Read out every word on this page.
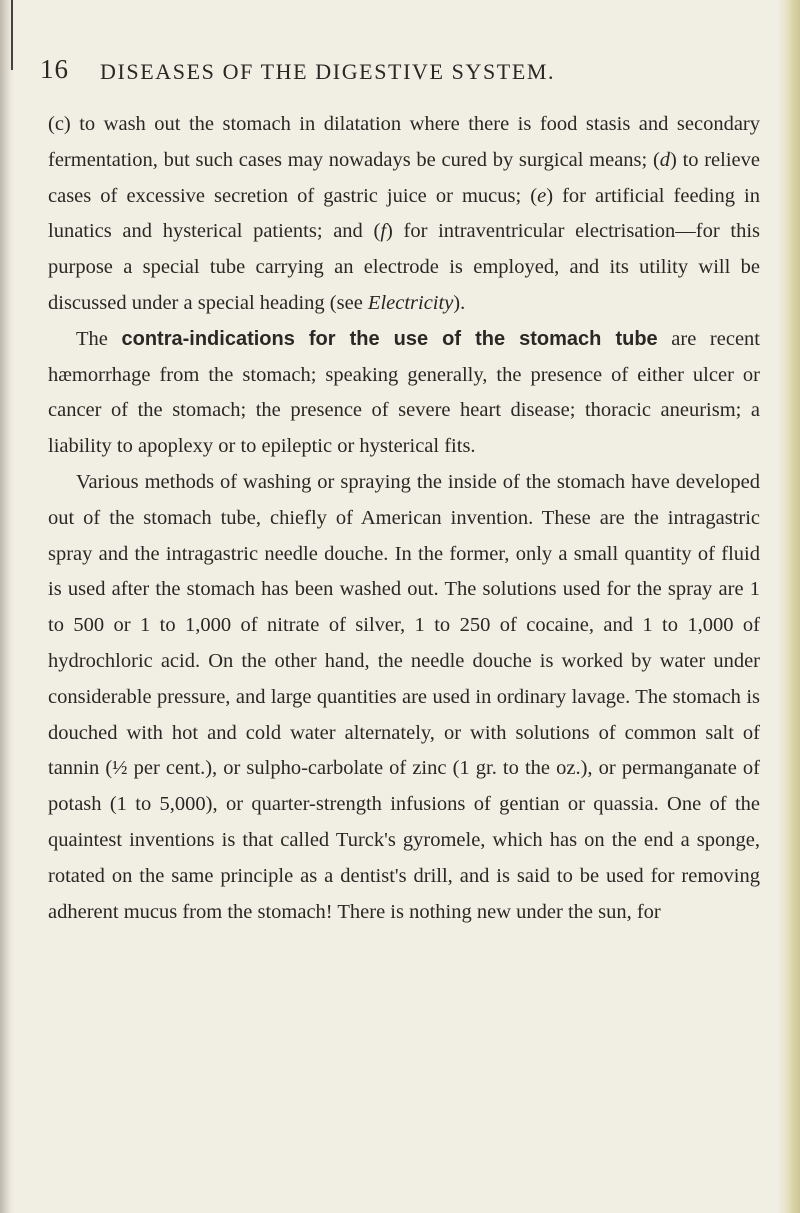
16 DISEASES OF THE DIGESTIVE SYSTEM.

(c) to wash out the stomach in dilatation where there is food stasis and secondary fermentation, but such cases may nowadays be cured by surgical means; (d) to relieve cases of excessive secretion of gastric juice or mucus; (e) for artificial feeding in lunatics and hysterical patients; and (f) for intraventricular electrisation—for this purpose a special tube carrying an electrode is employed, and its utility will be discussed under a special heading (see Electricity).

The contra-indications for the use of the stomach tube are recent hæmorrhage from the stomach; speaking generally, the presence of either ulcer or cancer of the stomach; the presence of severe heart disease; thoracic aneurism; a liability to apoplexy or to epileptic or hysterical fits.

Various methods of washing or spraying the inside of the stomach have developed out of the stomach tube, chiefly of American invention. These are the intragastric spray and the intragastric needle douche. In the former, only a small quantity of fluid is used after the stomach has been washed out. The solutions used for the spray are 1 to 500 or 1 to 1,000 of nitrate of silver, 1 to 250 of cocaine, and 1 to 1,000 of hydrochloric acid. On the other hand, the needle douche is worked by water under considerable pressure, and large quantities are used in ordinary lavage. The stomach is douched with hot and cold water alternately, or with solutions of common salt of tannin (½ per cent.), or sulpho-carbolate of zinc (1 gr. to the oz.), or permanganate of potash (1 to 5,000), or quarter-strength infusions of gentian or quassia. One of the quaintest inventions is that called Turck's gyromele, which has on the end a sponge, rotated on the same principle as a dentist's drill, and is said to be used for removing adherent mucus from the stomach! There is nothing new under the sun, for
